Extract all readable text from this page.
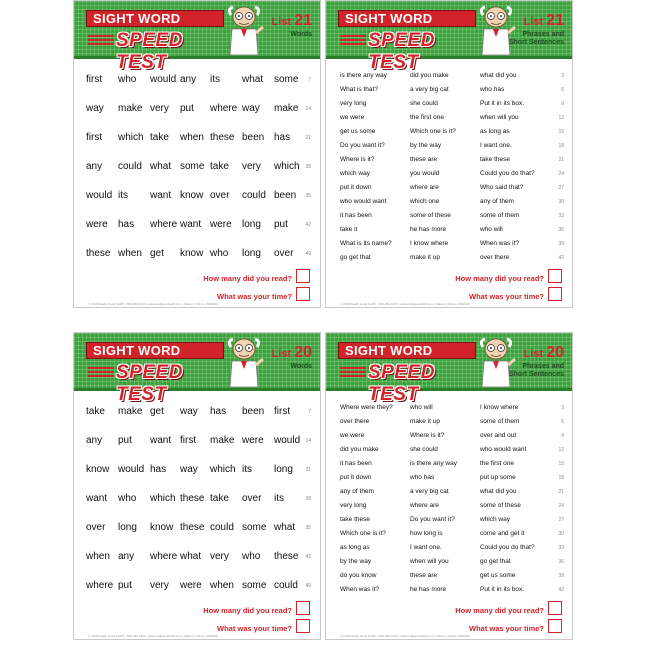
SIGHT WORD
SPEED TEST
List 21
Words
first who would any its what some 7
way make very put where way make 14
first which take when these been has	21
any could what some take very which 28
would its want know over could been 35
were has where want were long put	42
these when get know who long over 49
How many did you read?
What was your time?
© 2018 Really Good Stuff® • 800-366-1920 • www.reallygoodstuff.com • Made in China • #000000
SIGHT WORD
SPEED TEST
List 21
Phrases and Short Sentences
is there any way	did you make	what did you	3
What is that?	a very big cat	who has	6
very long	she could	Put it in its box.	9
we were	the first one	when will you	12
get us some	Which one is it?	as long as	15
Do you want it?	by the way	I want one.	18
Where is it?	these are	take these	21
which way	you would	Could you do that?	24
put it down	where are	Who said that?	27
who would want	which one	any of them	30
it has been	some of these	some of them	33
take it	he has more	who will	36
What is its name?	I know where	When was it?	39
go get that	make it up	over there	42
How many did you read?
What was your time?
© 2018 Really Good Stuff® • 800-366-1920 • www.reallygoodstuff.com • Made in China • #000000
SIGHT WORD
SPEED TEST
List 20
Words
take make get way has been first	7
any put want first make were would 14
know would has way which its long	21
want who which these take over its	28
over long know these could some what 35
when any where what very who these 42
where put very were when some could 49
How many did you read?
What was your time?
© 2018 Really Good Stuff® • 800-366-1920 • www.reallygoodstuff.com • Made in China • #000000
SIGHT WORD
SPEED TEST
List 20
Phrases and Short Sentences
Where were they?	who will	I know where	3
over there	make it up	some of them	6
we were	Where is it?	over and out	9
did you make	she could	who would want	12
it has been	is there any way	the first one	15
put it down	who has	put up some	18
any of them	a very big cat	what did you	21
very long	where are	some of these	24
take these	Do you want it?	which way	27
Which one is it?	how long is	come and get it	30
as long as	I want one.	Could you do that?	33
by the way	when will you	go get that	36
do you know	these are	get us some	39
When was it?	he has more	Put it in its box.	42
How many did you read?
What was your time?
© 2018 Really Good Stuff® • 800-366-1920 • www.reallygoodstuff.com • Made in China • #000000
